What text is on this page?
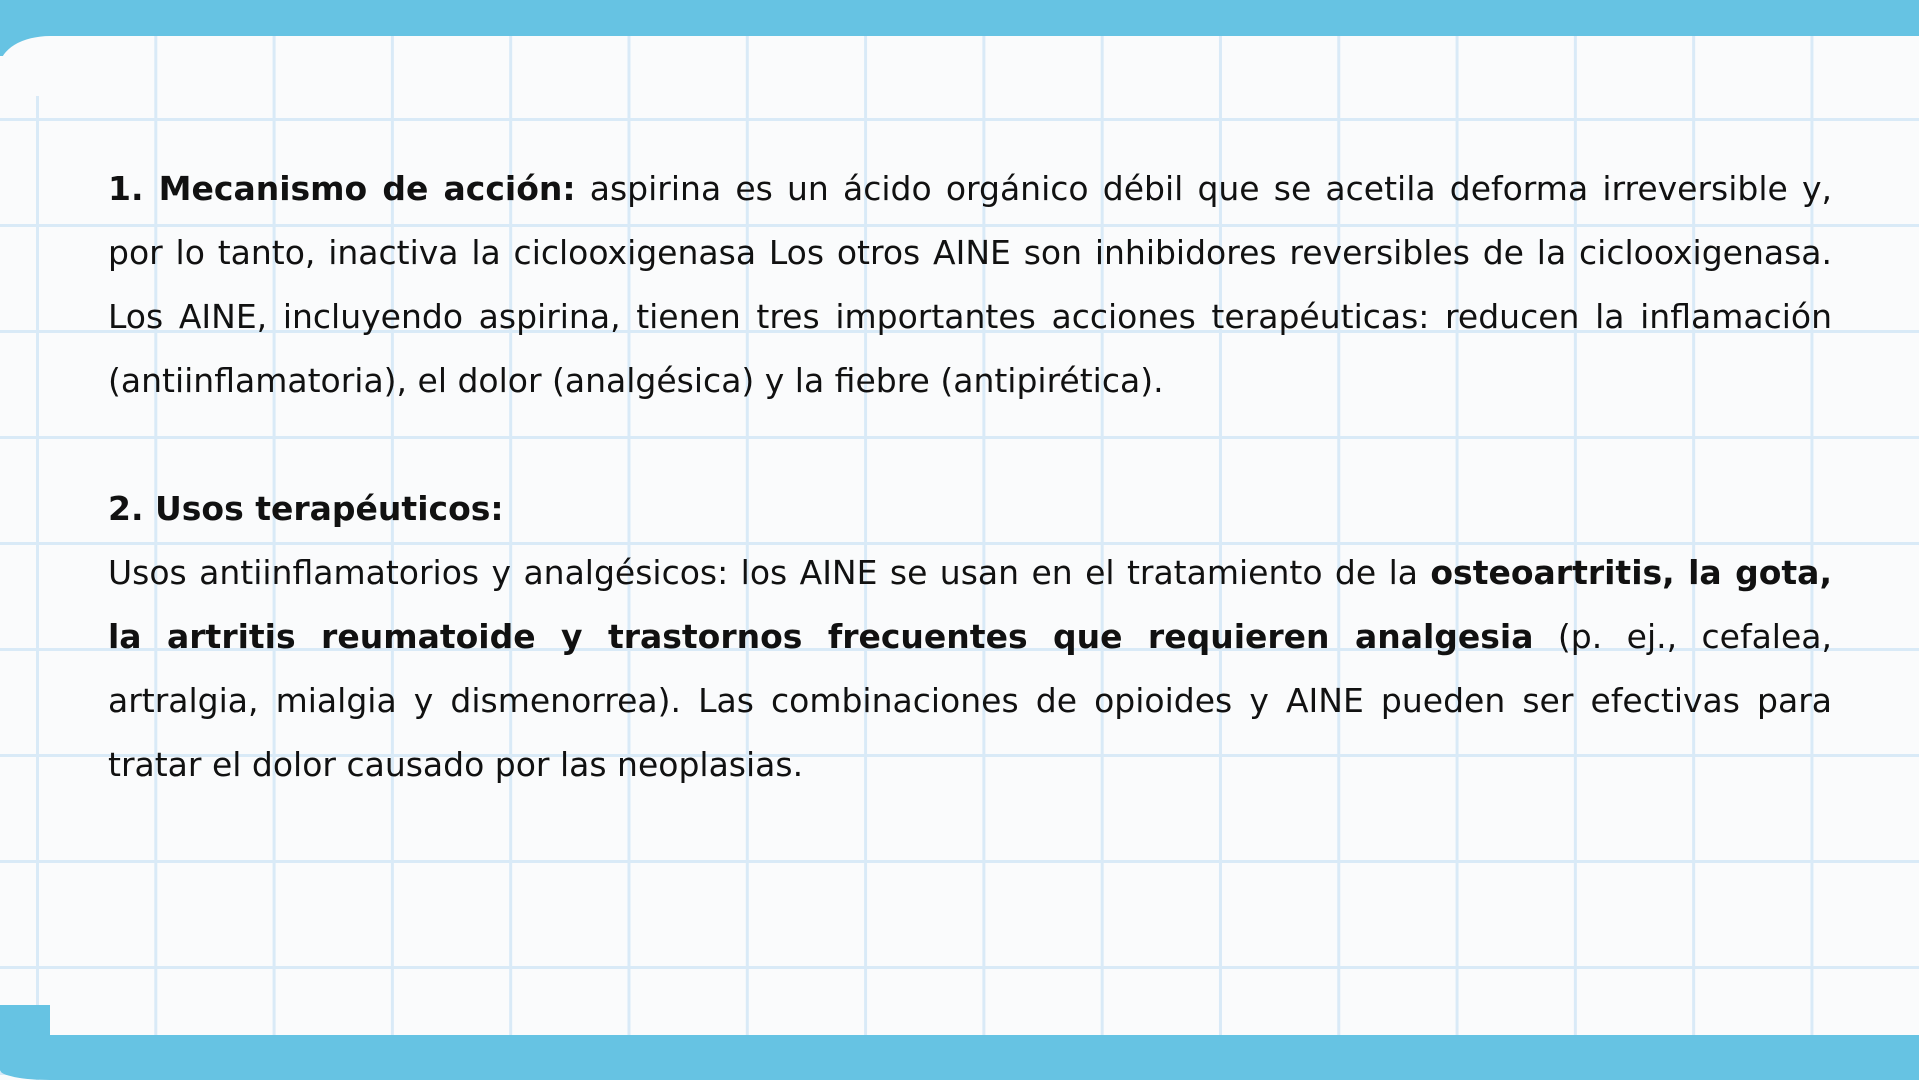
1. Mecanismo de acción: aspirina es un ácido orgánico débil que se acetila deforma irreversible y, por lo tanto, inactiva la ciclooxigenasa Los otros AINE son inhibidores reversibles de la ciclooxigenasa. Los AINE, incluyendo aspirina, tienen tres importantes acciones terapéuticas: reducen la inflamación (antiinflamatoria), el dolor (analgésica) y la fiebre (antipirética).

2. Usos terapéuticos:

Usos antiinflamatorios y analgésicos: los AINE se usan en el tratamiento de la osteoartritis, la gota, la artritis reumatoide y trastornos frecuentes que requieren analgesia (p. ej., cefalea, artralgia, mialgia y dismenorrea). Las combinaciones de opioides y AINE pueden ser efectivas para tratar el dolor causado por las neoplasias.
